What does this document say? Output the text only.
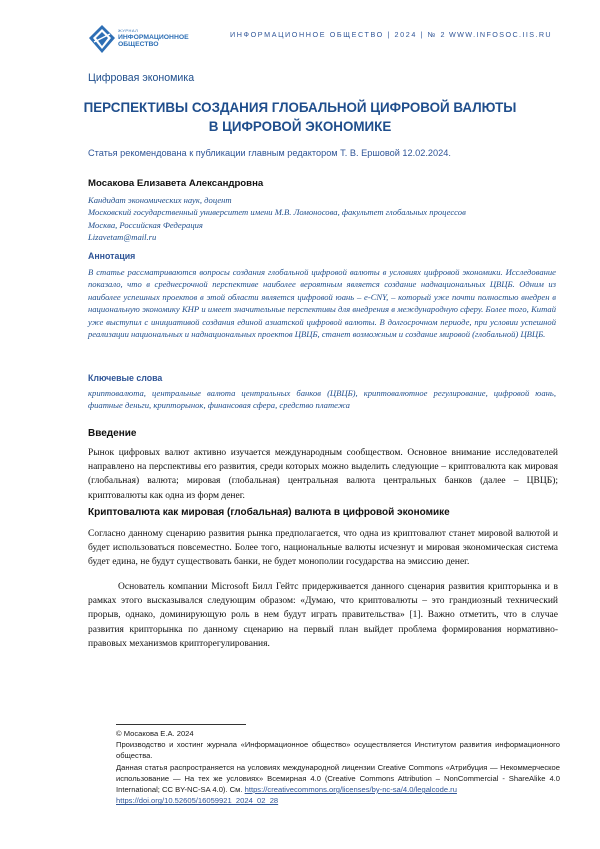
ЖУРНАЛ
ИНФОРМАЦИОННОЕ
ОБЩЕСТВО
ИНФОРМАЦИОННОЕ ОБЩЕСТВО | 2024 | № 2 WWW.INFOSOC.IIS.RU
Цифровая экономика
ПЕРСПЕКТИВЫ СОЗДАНИЯ ГЛОБАЛЬНОЙ ЦИФРОВОЙ ВАЛЮТЫ
В ЦИФРОВОЙ ЭКОНОМИКЕ
Статья рекомендована к публикации главным редактором Т. В. Ершовой 12.02.2024.
Мосакова Елизавета Александровна
Кандидат экономических наук, доцент
Московский государственный университет имени М.В. Ломоносова, факультет глобальных процессов
Москва, Российская Федерация
Lizavetam@mail.ru
Аннотация
В статье рассматриваются вопросы создания глобальной цифровой валюты в условиях цифровой экономики. Исследование показало, что в среднесрочной перспективе наиболее вероятным является создание наднациональных ЦВЦБ. Одним из наиболее успешных проектов в этой области является цифровой юань – e-CNY, – который уже почти полностью внедрен в национальную экономику КНР и имеет значительные перспективы для внедрения в международную сферу. Более того, Китай уже выступил с инициативой создания единой азиатской цифровой валюты. В долгосрочном периоде, при условии успешной реализации национальных и наднациональных проектов ЦВЦБ, станет возможным и создание мировой (глобальной) ЦВЦБ.
Ключевые слова
криптовалюта, центральные валюта центральных банков (ЦВЦБ), криптовалютное регулирование, цифровой юань, фиатные деньги, крипторынок, финансовая сфера, средство платежа
Введение
Рынок цифровых валют активно изучается международным сообществом. Основное внимание исследователей направлено на перспективы его развития, среди которых можно выделить следующие – криптовалюта как мировая (глобальная) валюта; мировая (глобальная) центральная валюта центральных банков (далее – ЦВЦБ); криптовалюты как одна из форм денег.
Криптовалюта как мировая (глобальная) валюта в цифровой экономике
Согласно данному сценарию развития рынка предполагается, что одна из криптовалют станет мировой валютой и будет использоваться повсеместно. Более того, национальные валюты исчезнут и мировая экономическая система будет едина, не будут существовать банки, не будет монополии государства на эмиссию денег.
Основатель компании Microsoft Билл Гейтс придерживается данного сценария развития крипторынка и в рамках этого высказывался следующим образом: «Думаю, что криптовалюты – это грандиозный технический прорыв, однако, доминирующую роль в нем будут играть правительства» [1]. Важно отметить, что в случае развития крипторынка по данному сценарию на первый план выйдет проблема формирования нормативно-правовых механизмов крипторегулирования.
© Мосакова Е.А. 2024
Производство и хостинг журнала «Информационное общество» осуществляется Институтом развития информационного общества.
Данная статья распространяется на условиях международной лицензии Creative Commons «Атрибуция — Некоммерческое использование — На тех же условиях» Всемирная 4.0 (Creative Commons Attribution – NonCommercial - ShareAlike 4.0 International; CC BY-NC-SA 4.0). См. https://creativecommons.org/licenses/by-nc-sa/4.0/legalcode.ru
https://doi.org/10.52605/16059921_2024_02_28
